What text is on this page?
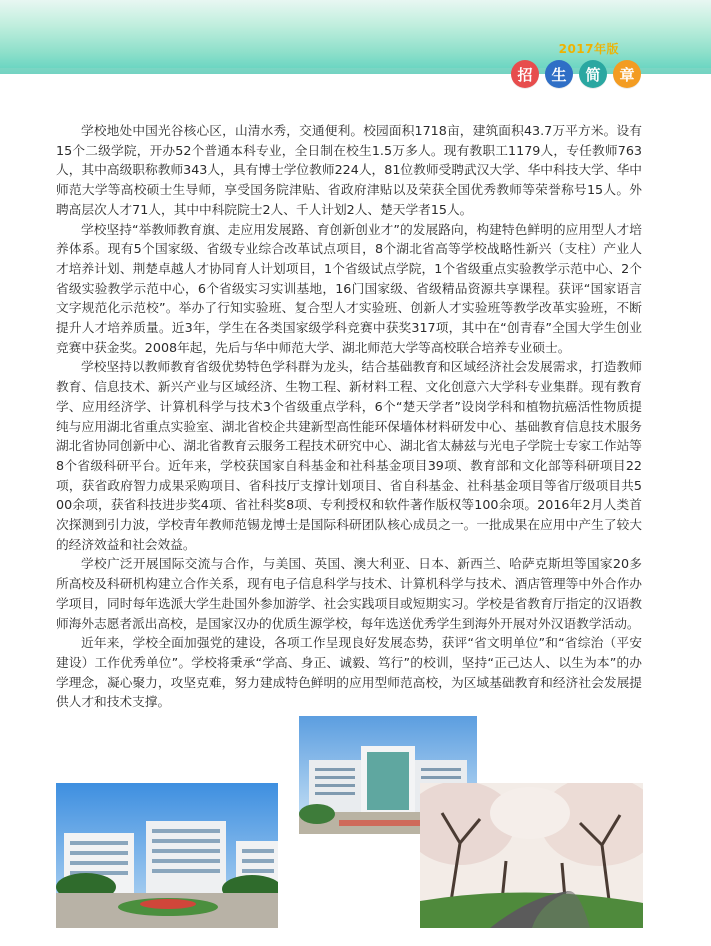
2017年版
招	生	简	章

学校地处中国光谷核心区，山清水秀，交通便利。校园面积1718亩，建筑面积43.7万平方米。设有15个二级学院，开办52个普通本科专业，全日制在校生1.5万多人。现有教职工1179人，专任教师763人，其中高级职称教师343人，具有博士学位教师224人，81位教师受聘武汉大学、华中科技大学、华中师范大学等高校硕士生导师，享受国务院津贴、省政府津贴以及荣获全国优秀教师等荣誉称号15人。外聘高层次人才71人，其中中科院院士2人、千人计划2人、楚天学者15人。

学校坚持“举教师教育旗、走应用发展路、育创新创业才”的发展路向，构建特色鲜明的应用型人才培养体系。现有5个国家级、省级专业综合改革试点项目，8个湖北省高等学校战略性新兴（支柱）产业人才培养计划、荆楚卓越人才协同育人计划项目，1个省级试点学院，1个省级重点实验教学示范中心、2个省级实验教学示范中心，6个省级实习实训基地，16门国家级、省级精品资源共享课程。获评“国家语言文字规范化示范校”。举办了行知实验班、复合型人才实验班、创新人才实验班等教学改革实验班，不断提升人才培养质量。近3年，学生在各类国家级学科竞赛中获奖317项，其中在“创青春”全国大学生创业竞赛中获金奖。2008年起，先后与华中师范大学、湖北师范大学等高校联合培养专业硕士。

学校坚持以教师教育省级优势特色学科群为龙头，结合基础教育和区域经济社会发展需求，打造教师教育、信息技术、新兴产业与区域经济、生物工程、新材料工程、文化创意六大学科专业集群。现有教育学、应用经济学、计算机科学与技术3个省级重点学科，6个“楚天学者”设岗学科和植物抗癌活性物质提纯与应用湖北省重点实验室、湖北省校企共建新型高性能环保墙体材料研发中心、基础教育信息技术服务湖北省协同创新中心、湖北省教育云服务工程技术研究中心、湖北省太赫兹与光电子学院士专家工作站等8个省级科研平台。近年来，学校获国家自科基金和社科基金项目39项、教育部和文化部等科研项目22项，获省政府智力成果采购项目、省科技厅支撑计划项目、省自科基金、社科基金项目等省厅级项目共500余项，获省科技进步奖4项、省社科奖8项、专利授权和软件著作版权等100余项。2016年2月人类首次探测到引力波，学校青年教师范锡龙博士是国际科研团队核心成员之一。一批成果在应用中产生了较大的经济效益和社会效益。

学校广泛开展国际交流与合作，与美国、英国、澳大利亚、日本、新西兰、哈萨克斯坦等国家20多所高校及科研机构建立合作关系，现有电子信息科学与技术、计算机科学与技术、酒店管理等中外合作办学项目，同时每年选派大学生赴国外参加游学、社会实践项目或短期实习。学校是省教育厅指定的汉语教师海外志愿者派出高校，是国家汉办的优质生源学校，每年选送优秀学生到海外开展对外汉语教学活动。

近年来，学校全面加强党的建设，各项工作呈现良好发展态势，获评“省文明单位”和“省综治（平安建设）工作优秀单位”。学校将秉承“学高、身正、诚毅、笃行”的校训，坚持“正己达人、以生为本”的办学理念，凝心聚力，攻坚克难，努力建成特色鲜明的应用型师范高校，为区域基础教育和经济社会发展提供人才和技术支撑。
